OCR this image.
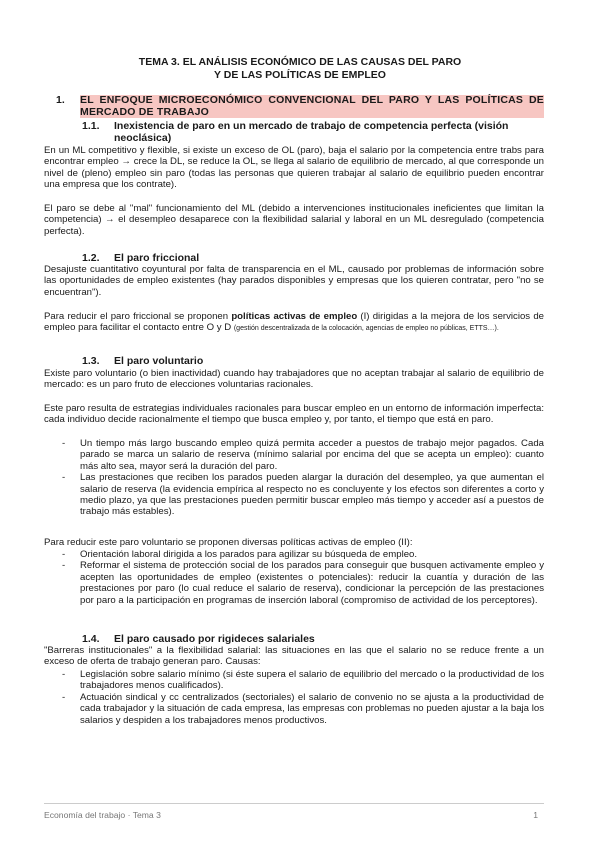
TEMA 3. EL ANÁLISIS ECONÓMICO DE LAS CAUSAS DEL PARO
Y DE LAS POLÍTICAS DE EMPLEO
1. EL ENFOQUE MICROECONÓMICO CONVENCIONAL DEL PARO Y LAS POLÍTICAS DE MERCADO DE TRABAJO
1.1. Inexistencia de paro en un mercado de trabajo de competencia perfecta (visión neoclásica)
En un ML competitivo y flexible, si existe un exceso de OL (paro), baja el salario por la competencia entre trabs para encontrar empleo → crece la DL, se reduce la OL, se llega al salario de equilibrio de mercado, al que corresponde un nivel de (pleno) empleo sin paro (todas las personas que quieren trabajar al salario de equilibrio pueden encontrar una empresa que los contrate).
El paro se debe al "mal" funcionamiento del ML (debido a intervenciones institucionales ineficientes que limitan la competencia) → el desempleo desaparece con la flexibilidad salarial y laboral en un ML desregulado (competencia perfecta).
1.2. El paro friccional
Desajuste cuantitativo coyuntural por falta de transparencia en el ML, causado por problemas de información sobre las oportunidades de empleo existentes (hay parados disponibles y empresas que los quieren contratar, pero "no se encuentran").
Para reducir el paro friccional se proponen políticas activas de empleo (I) dirigidas a la mejora de los servicios de empleo para facilitar el contacto entre O y D (gestión descentralizada de la colocación, agencias de empleo no públicas, ETTS…).
1.3. El paro voluntario
Existe paro voluntario (o bien inactividad) cuando hay trabajadores que no aceptan trabajar al salario de equilibrio de mercado: es un paro fruto de elecciones voluntarias racionales.
Este paro resulta de estrategias individuales racionales para buscar empleo en un entorno de información imperfecta: cada individuo decide racionalmente el tiempo que busca empleo y, por tanto, el tiempo que está en paro.
- Un tiempo más largo buscando empleo quizá permita acceder a puestos de trabajo mejor pagados. Cada parado se marca un salario de reserva (mínimo salarial por encima del que se acepta un empleo): cuanto más alto sea, mayor será la duración del paro.
- Las prestaciones que reciben los parados pueden alargar la duración del desempleo, ya que aumentan el salario de reserva (la evidencia empírica al respecto no es concluyente y los efectos son diferentes a corto y medio plazo, ya que las prestaciones pueden permitir buscar empleo más tiempo y acceder así a puestos de trabajo más estables).
Para reducir este paro voluntario se proponen diversas políticas activas de empleo (II):
- Orientación laboral dirigida a los parados para agilizar su búsqueda de empleo.
- Reformar el sistema de protección social de los parados para conseguir que busquen activamente empleo y acepten las oportunidades de empleo (existentes o potenciales): reducir la cuantía y duración de las prestaciones por paro (lo cual reduce el salario de reserva), condicionar la percepción de las prestaciones por paro a la participación en programas de inserción laboral (compromiso de actividad de los perceptores).
1.4. El paro causado por rigideces salariales
"Barreras institucionales" a la flexibilidad salarial: las situaciones en las que el salario no se reduce frente a un exceso de oferta de trabajo generan paro. Causas:
- Legislación sobre salario mínimo (si éste supera el salario de equilibrio del mercado o la productividad de los trabajadores menos cualificados).
- Actuación sindical y cc centralizados (sectoriales) el salario de convenio no se ajusta a la productividad de cada trabajador y la situación de cada empresa, las empresas con problemas no pueden ajustar a la baja los salarios y despiden a los trabajadores menos productivos.
Economía del trabajo · Tema 3	1
